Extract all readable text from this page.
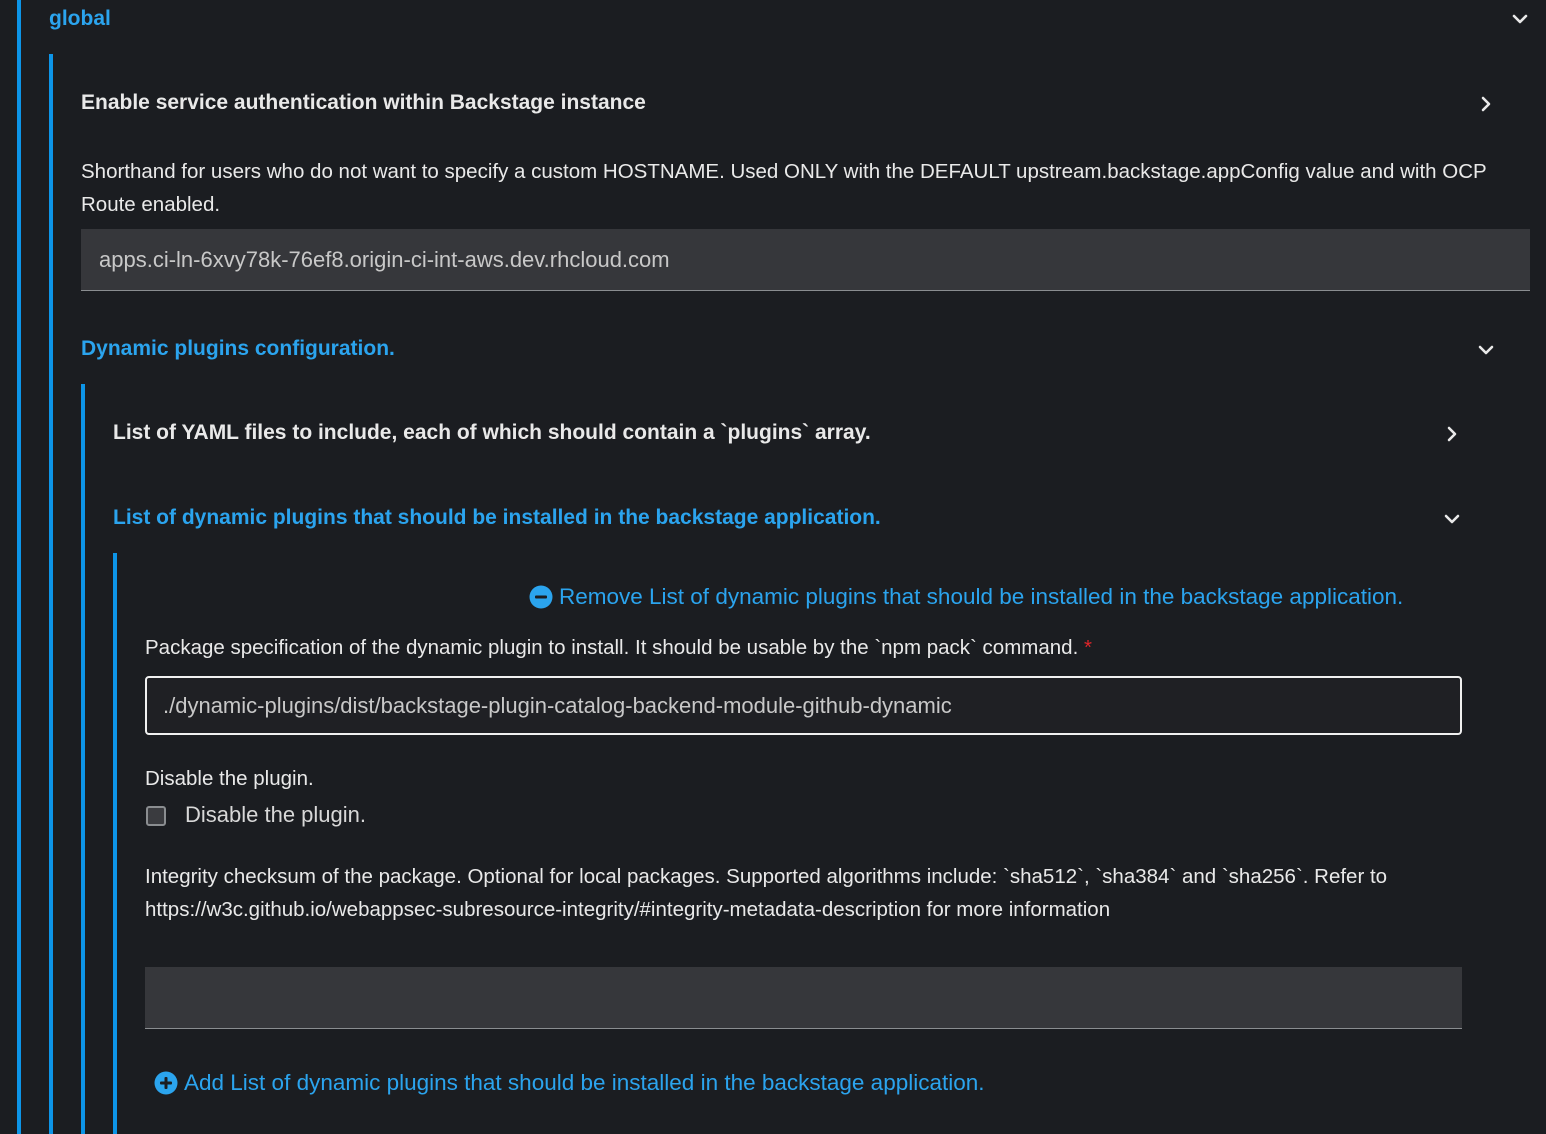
global
Enable service authentication within Backstage instance
Shorthand for users who do not want to specify a custom HOSTNAME. Used ONLY with the DEFAULT upstream.backstage.appConfig value and with OCP Route enabled.
apps.ci-ln-6xvy78k-76ef8.origin-ci-int-aws.dev.rhcloud.com
Dynamic plugins configuration.
List of YAML files to include, each of which should contain a `plugins` array.
List of dynamic plugins that should be installed in the backstage application.
Remove List of dynamic plugins that should be installed in the backstage application.
Package specification of the dynamic plugin to install. It should be usable by the `npm pack` command. *
./dynamic-plugins/dist/backstage-plugin-catalog-backend-module-github-dynamic
Disable the plugin.
Disable the plugin.
Integrity checksum of the package. Optional for local packages. Supported algorithms include: `sha512`, `sha384` and `sha256`. Refer to https://w3c.github.io/webappsec-subresource-integrity/#integrity-metadata-description for more information
Add List of dynamic plugins that should be installed in the backstage application.
